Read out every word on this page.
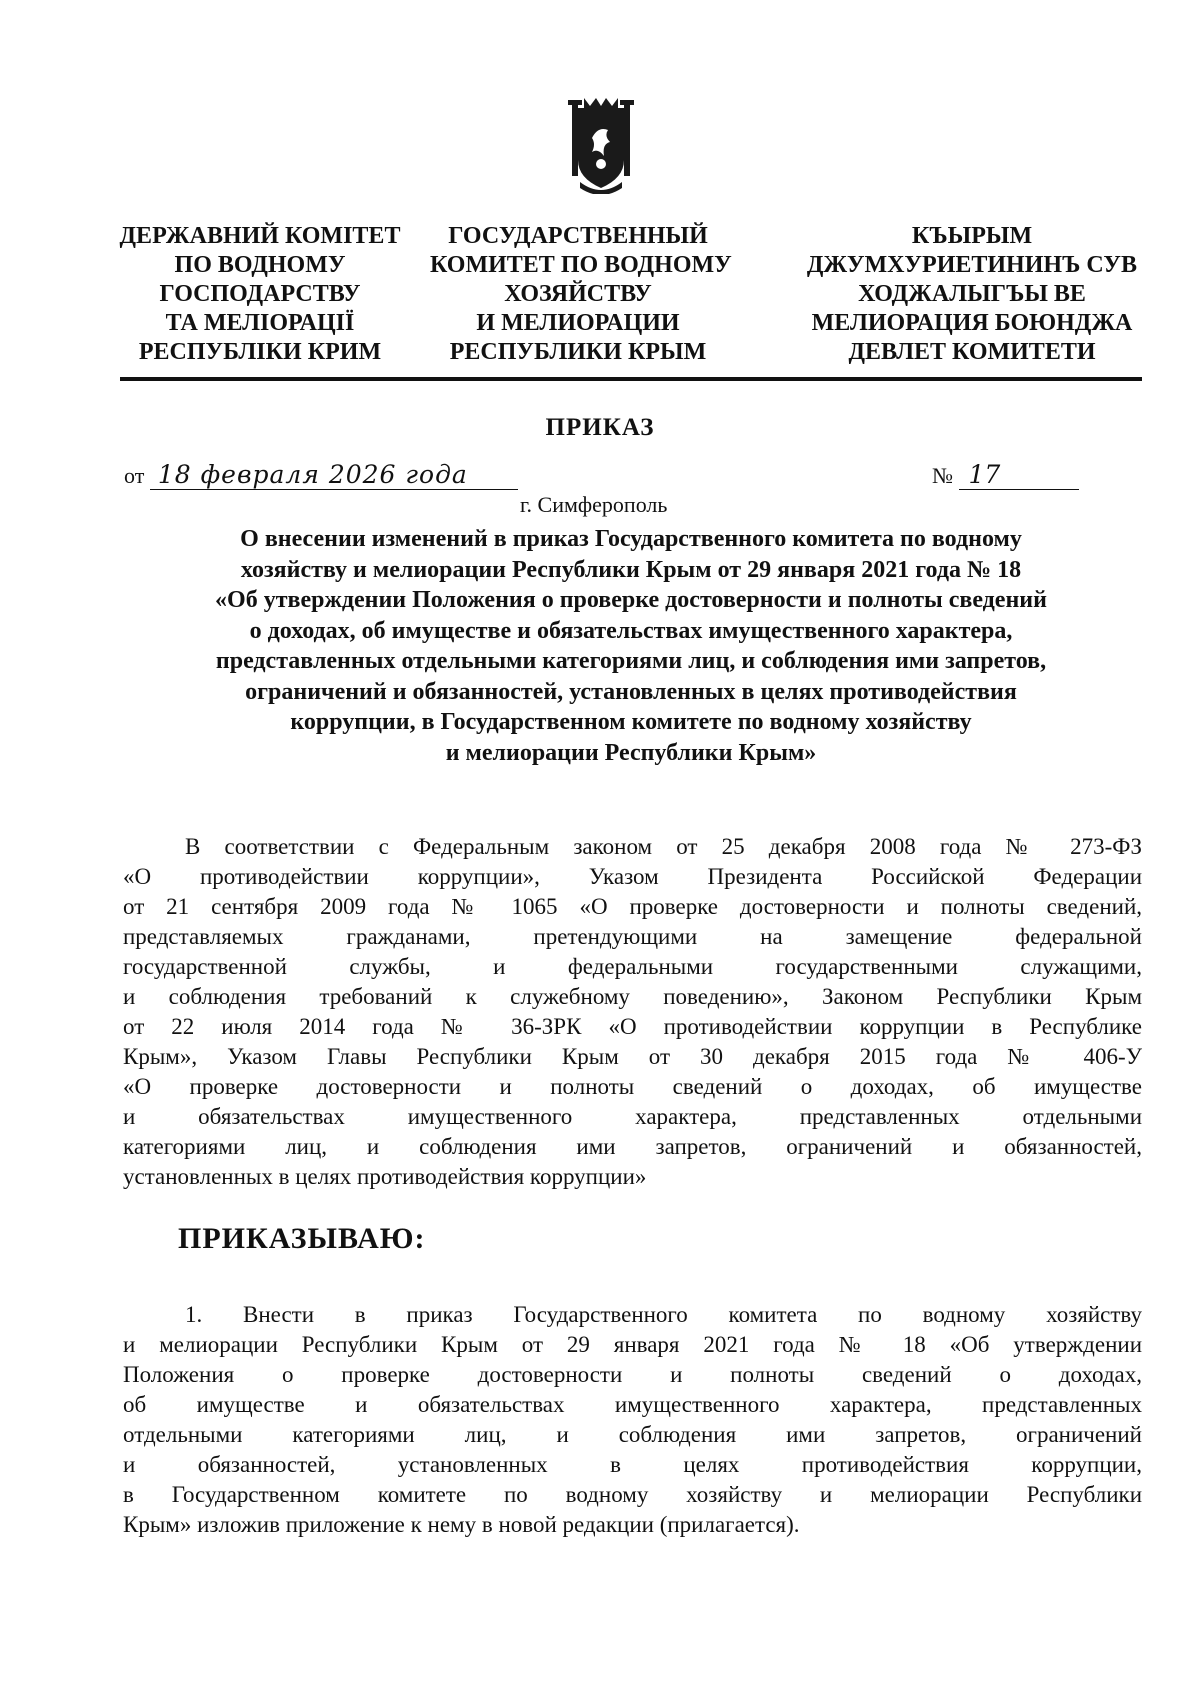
ДЕРЖАВНИЙ КОМІТЕТ
ПО ВОДНОМУ
ГОСПОДАРСТВУ
ТА МЕЛІОРАЦІЇ
РЕСПУБЛІКИ КРИМ
ГОСУДАРСТВЕННЫЙ
КОМИТЕТ ПО ВОДНОМУ
ХОЗЯЙСТВУ
И МЕЛИОРАЦИИ
РЕСПУБЛИКИ КРЫМ
КЪЫРЫМ
ДЖУМХУРИЕТИНИНЪ СУВ
ХОДЖАЛЫГЪЫ ВЕ
МЕЛИОРАЦИЯ БОЮНДЖА
ДЕВЛЕТ КОМИТЕТИ
ПРИКАЗ
от 18 февраля 2026 года	№ 17
г. Симферополь
О внесении изменений в приказ Государственного комитета по водному
хозяйству и мелиорации Республики Крым от 29 января 2021 года № 18
«Об утверждении Положения о проверке достоверности и полноты сведений
о доходах, об имуществе и обязательствах имущественного характера,
представленных отдельными категориями лиц, и соблюдения ими запретов,
ограничений и обязанностей, установленных в целях противодействия
коррупции, в Государственном комитете по водному хозяйству
и мелиорации Республики Крым»
В соответствии с Федеральным законом от 25 декабря 2008 года № 273-ФЗ
«О противодействии коррупции», Указом Президента Российской Федерации
от 21 сентября 2009 года № 1065 «О проверке достоверности и полноты сведений,
представляемых гражданами, претендующими на замещение федеральной
государственной службы, и федеральными государственными служащими,
и соблюдения требований к служебному поведению», Законом Республики Крым
от 22 июля 2014 года № 36-ЗРК «О противодействии коррупции в Республике
Крым», Указом Главы Республики Крым от 30 декабря 2015 года № 406-У
«О проверке достоверности и полноты сведений о доходах, об имуществе
и обязательствах имущественного характера, представленных отдельными
категориями лиц, и соблюдения ими запретов, ограничений и обязанностей,
установленных в целях противодействия коррупции»
ПРИКАЗЫВАЮ:
1. Внести в приказ Государственного комитета по водному хозяйству
и мелиорации Республики Крым от 29 января 2021 года № 18 «Об утверждении
Положения о проверке достоверности и полноты сведений о доходах,
об имуществе и обязательствах имущественного характера, представленных
отдельными категориями лиц, и соблюдения ими запретов, ограничений
и обязанностей, установленных в целях противодействия коррупции,
в Государственном комитете по водному хозяйству и мелиорации Республики
Крым» изложив приложение к нему в новой редакции (прилагается).
